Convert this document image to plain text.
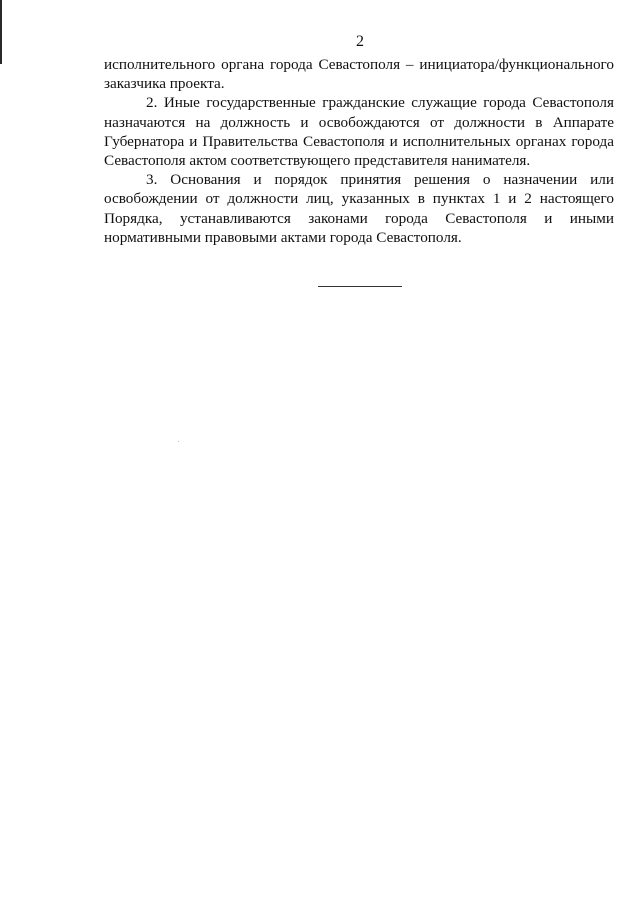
2

исполнительного органа города Севастополя – инициатора/функционального заказчика проекта.

2. Иные государственные гражданские служащие города Севастополя назначаются на должность и освобождаются от должности в Аппарате Губернатора и Правительства Севастополя и исполнительных органах города Севастополя актом соответствующего представителя нанимателя.

3. Основания и порядок принятия решения о назначении или освобождении от должности лиц, указанных в пунктах 1 и 2 настоящего Порядка, устанавливаются законами города Севастополя и иными нормативными правовыми актами города Севастополя.
